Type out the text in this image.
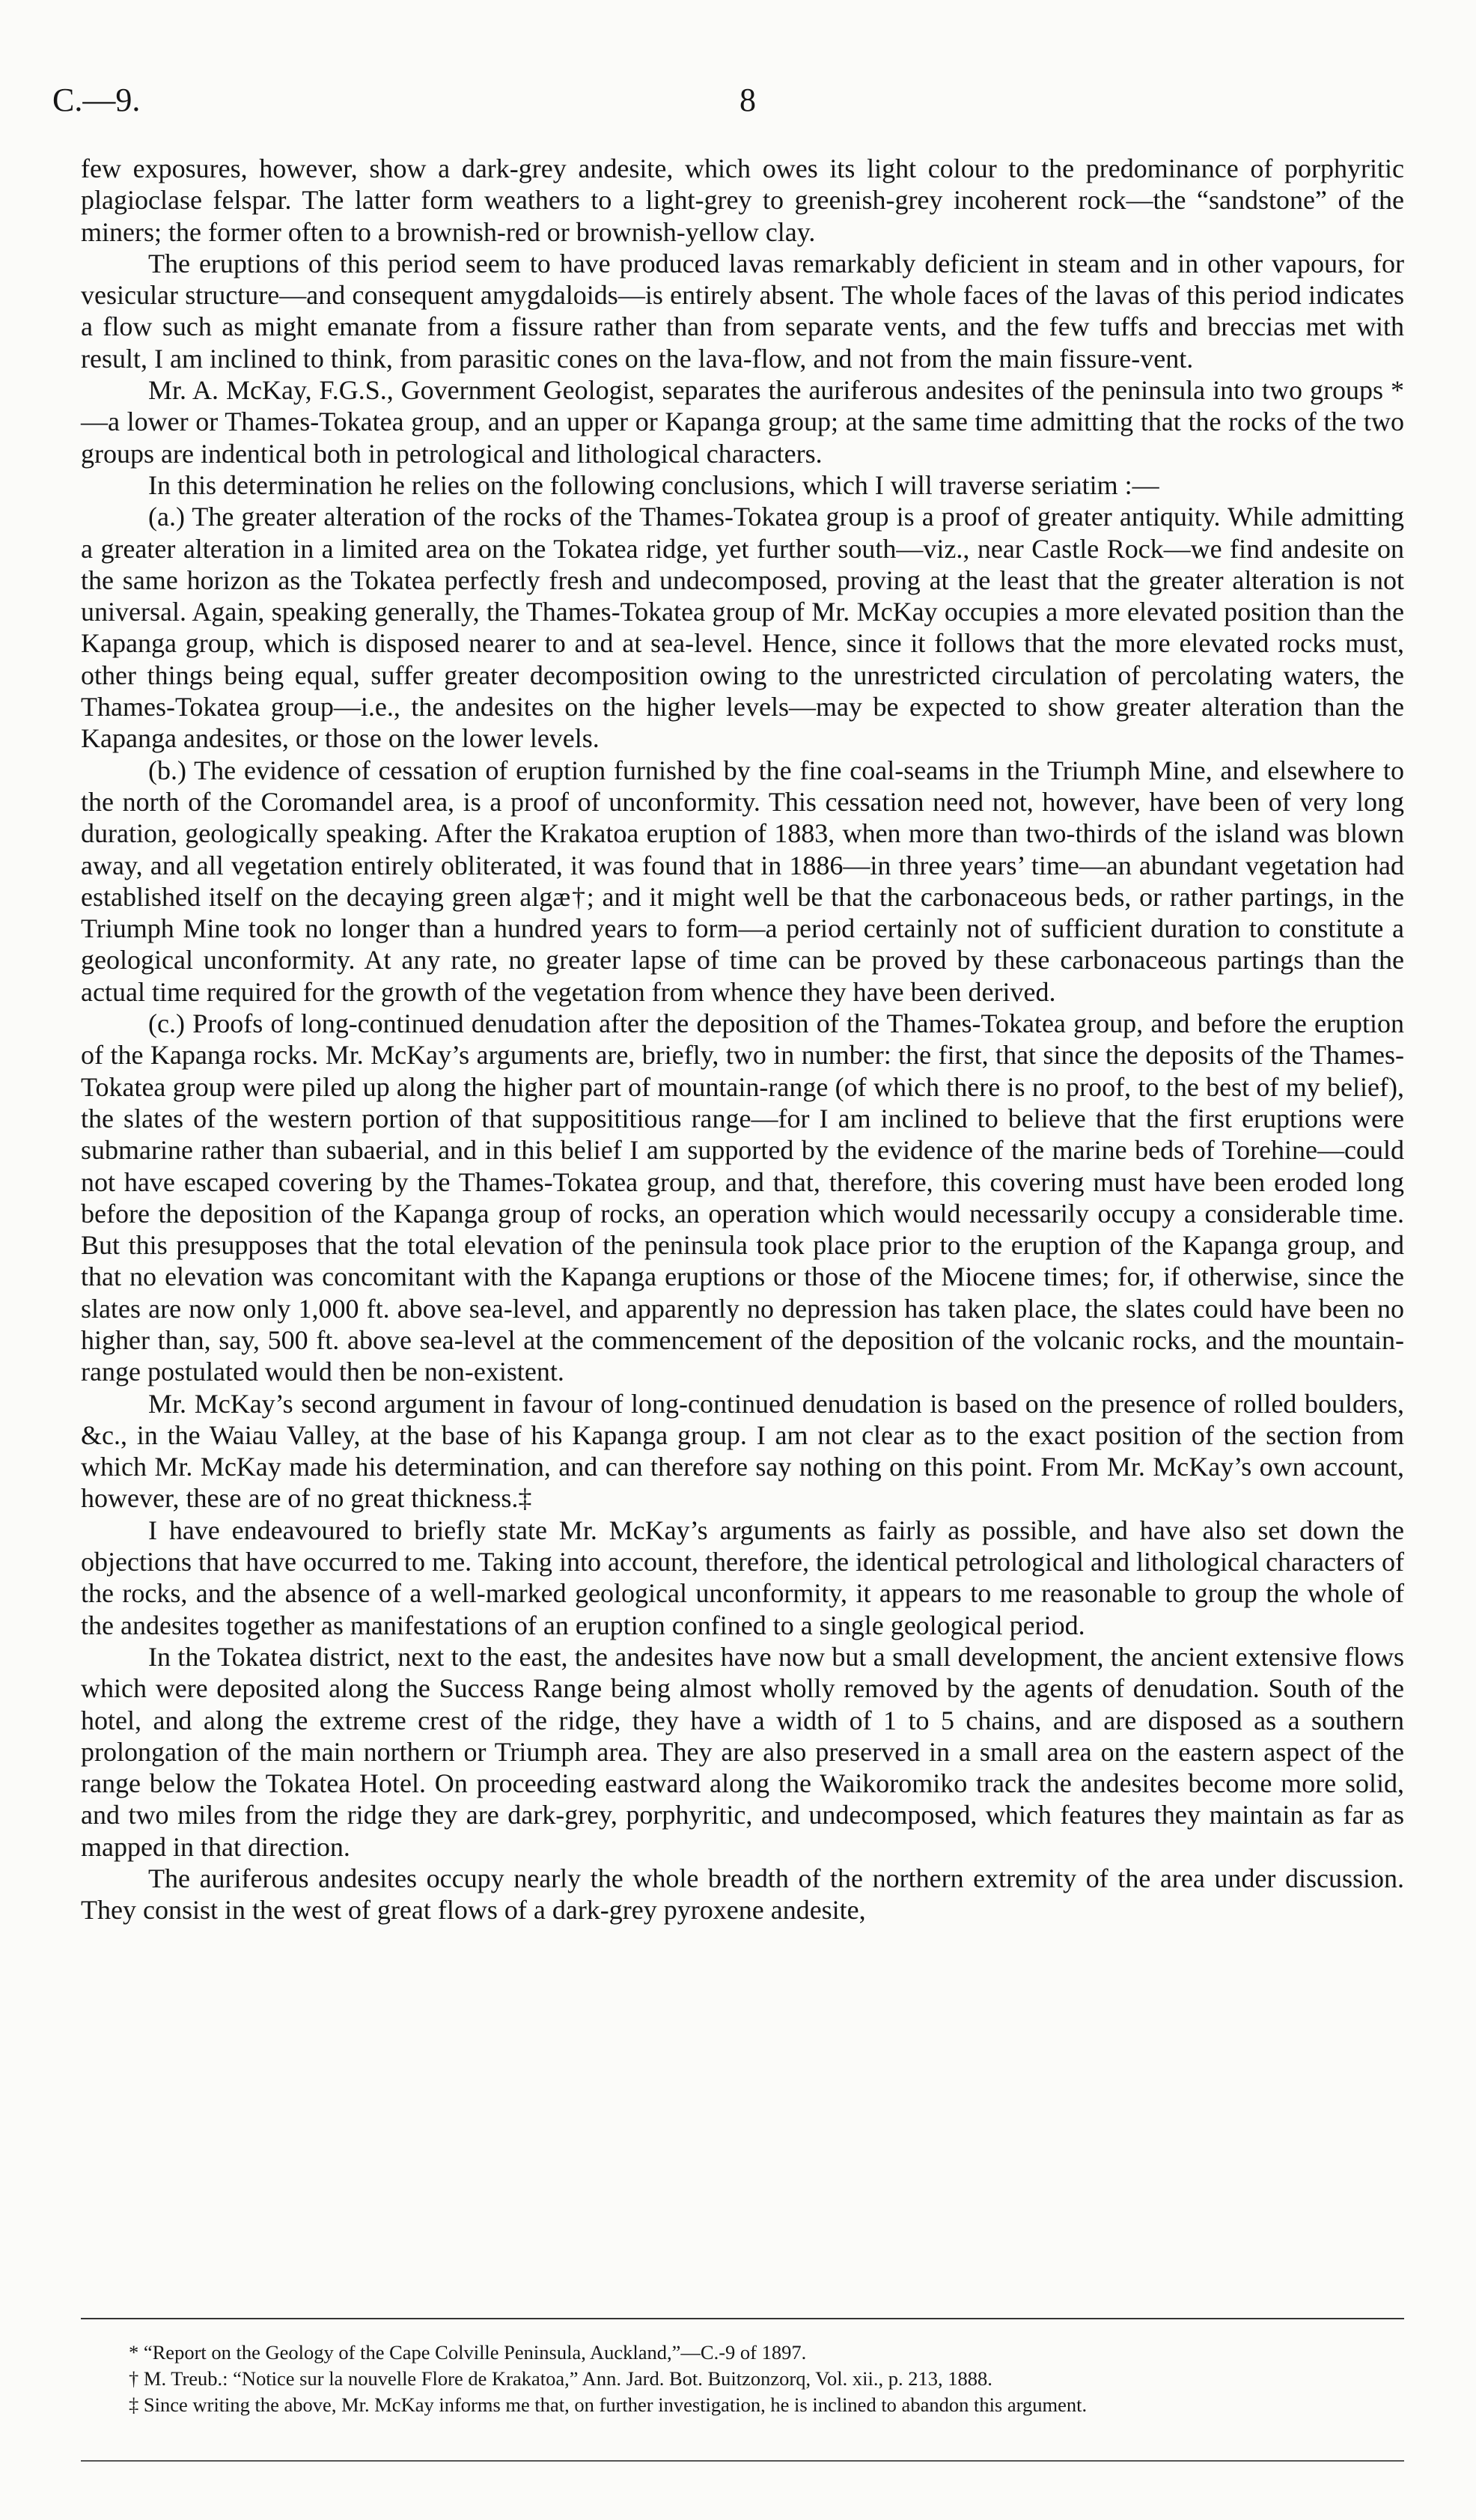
C.—9.	8

few exposures, however, show a dark-grey andesite, which owes its light colour to the predominance of porphyritic plagioclase felspar. The latter form weathers to a light-grey to greenish-grey incoherent rock—the “sandstone” of the miners; the former often to a brownish-red or brownish-yellow clay.

The eruptions of this period seem to have produced lavas remarkably deficient in steam and in other vapours, for vesicular structure—and consequent amygdaloids—is entirely absent. The whole faces of the lavas of this period indicates a flow such as might emanate from a fissure rather than from separate vents, and the few tuffs and breccias met with result, I am inclined to think, from parasitic cones on the lava-flow, and not from the main fissure-vent.

Mr. A. McKay, F.G.S., Government Geologist, separates the auriferous andesites of the peninsula into two groups *—a lower or Thames-Tokatea group, and an upper or Kapanga group; at the same time admitting that the rocks of the two groups are indentical both in petrological and lithological characters.

In this determination he relies on the following conclusions, which I will traverse seriatim :—

(a.) The greater alteration of the rocks of the Thames-Tokatea group is a proof of greater antiquity. While admitting a greater alteration in a limited area on the Tokatea ridge, yet further south—viz., near Castle Rock—we find andesite on the same horizon as the Tokatea perfectly fresh and undecomposed, proving at the least that the greater alteration is not universal. Again, speaking generally, the Thames-Tokatea group of Mr. McKay occupies a more elevated position than the Kapanga group, which is disposed nearer to and at sea-level. Hence, since it follows that the more elevated rocks must, other things being equal, suffer greater decomposition owing to the unrestricted circulation of percolating waters, the Thames-Tokatea group—i.e., the andesites on the higher levels—may be expected to show greater alteration than the Kapanga andesites, or those on the lower levels.

(b.) The evidence of cessation of eruption furnished by the fine coal-seams in the Triumph Mine, and elsewhere to the north of the Coromandel area, is a proof of unconformity. This cessation need not, however, have been of very long duration, geologically speaking. After the Krakatoa eruption of 1883, when more than two-thirds of the island was blown away, and all vegetation entirely obliterated, it was found that in 1886—in three years’ time—an abundant vegetation had established itself on the decaying green algæ†; and it might well be that the carbonaceous beds, or rather partings, in the Triumph Mine took no longer than a hundred years to form—a period certainly not of sufficient duration to constitute a geological unconformity. At any rate, no greater lapse of time can be proved by these carbonaceous partings than the actual time required for the growth of the vegetation from whence they have been derived.

(c.) Proofs of long-continued denudation after the deposition of the Thames-Tokatea group, and before the eruption of the Kapanga rocks. Mr. McKay’s arguments are, briefly, two in number: the first, that since the deposits of the Thames-Tokatea group were piled up along the higher part of mountain-range (of which there is no proof, to the best of my belief), the slates of the western portion of that supposititious range—for I am inclined to believe that the first eruptions were submarine rather than subaerial, and in this belief I am supported by the evidence of the marine beds of Torehine—could not have escaped covering by the Thames-Tokatea group, and that, therefore, this covering must have been eroded long before the deposition of the Kapanga group of rocks, an operation which would necessarily occupy a considerable time. But this presupposes that the total elevation of the peninsula took place prior to the eruption of the Kapanga group, and that no elevation was concomitant with the Kapanga eruptions or those of the Miocene times; for, if otherwise, since the slates are now only 1,000 ft. above sea-level, and apparently no depression has taken place, the slates could have been no higher than, say, 500 ft. above sea-level at the commencement of the deposition of the volcanic rocks, and the mountain-range postulated would then be non-existent.

Mr. McKay’s second argument in favour of long-continued denudation is based on the presence of rolled boulders, &c., in the Waiau Valley, at the base of his Kapanga group. I am not clear as to the exact position of the section from which Mr. McKay made his determination, and can therefore say nothing on this point. From Mr. McKay’s own account, however, these are of no great thickness.‡

I have endeavoured to briefly state Mr. McKay’s arguments as fairly as possible, and have also set down the objections that have occurred to me. Taking into account, therefore, the identical petrological and lithological characters of the rocks, and the absence of a well-marked geological unconformity, it appears to me reasonable to group the whole of the andesites together as manifestations of an eruption confined to a single geological period.

In the Tokatea district, next to the east, the andesites have now but a small development, the ancient extensive flows which were deposited along the Success Range being almost wholly removed by the agents of denudation. South of the hotel, and along the extreme crest of the ridge, they have a width of 1 to 5 chains, and are disposed as a southern prolongation of the main northern or Triumph area. They are also preserved in a small area on the eastern aspect of the range below the Tokatea Hotel. On proceeding eastward along the Waikoromiko track the andesites become more solid, and two miles from the ridge they are dark-grey, porphyritic, and undecomposed, which features they maintain as far as mapped in that direction.

The auriferous andesites occupy nearly the whole breadth of the northern extremity of the area under discussion. They consist in the west of great flows of a dark-grey pyroxene andesite,

* “Report on the Geology of the Cape Colville Peninsula, Auckland,”—C.-9 of 1897.

† M. Treub.: “Notice sur la nouvelle Flore de Krakatoa,” Ann. Jard. Bot. Buitzonzorq, Vol. xii., p. 213, 1888.

‡ Since writing the above, Mr. McKay informs me that, on further investigation, he is inclined to abandon this argument.
